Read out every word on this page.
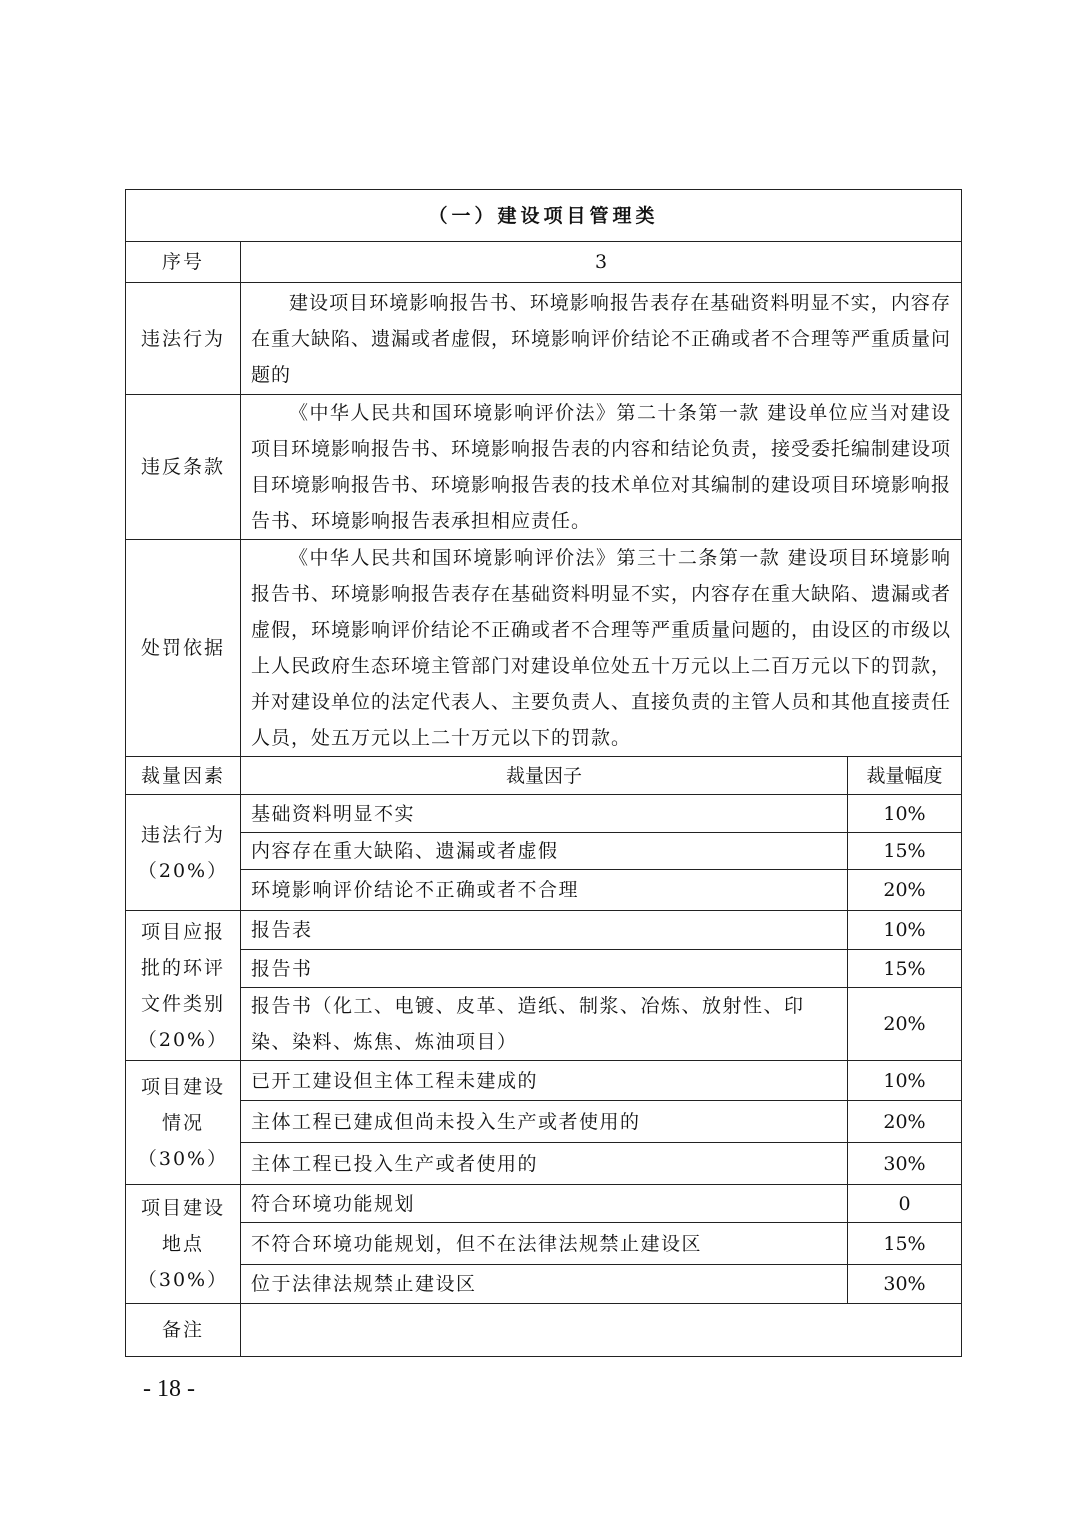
（一）建设项目管理类		
序号	3	
违法行为	建设项目环境影响报告书、环境影响报告表存在基础资料明显不实，内容存在重大缺陷、遗漏或者虚假，环境影响评价结论不正确或者不合理等严重质量问题的	

违反条款	《中华人民共和国环境影响评价法》第二十条第一款 建设单位应当对建设项目环境影响报告书、环境影响报告表的内容和结论负责，接受委托编制建设项目环境影响报告书、环境影响报告表的技术单位对其编制的建设项目环境影响报告书、环境影响报告表承担相应责任。	

处罚依据	《中华人民共和国环境影响评价法》第三十二条第一款 建设项目环境影响报告书、环境影响报告表存在基础资料明显不实，内容存在重大缺陷、遗漏或者虚假，环境影响评价结论不正确或者不合理等严重质量问题的，由设区的市级以上人民政府生态环境主管部门对建设单位处五十万元以上二百万元以下的罚款，并对建设单位的法定代表人、主要负责人、直接负责的主管人员和其他直接责任人员，处五万元以上二十万元以下的罚款。	

裁量因素	裁量因子	裁量幅度
违法行为（20%）	基础资料明显不实	10%
	内容存在重大缺陷、遗漏或者虚假	15%
	环境影响评价结论不正确或者不合理	20%
项目应报批的环评文件类别（20%）	报告表	10%
	报告书	15%
	报告书（化工、电镀、皮革、造纸、制浆、冶炼、放射性、印染、染料、炼焦、炼油项目）	20%
项目建设情况（30%）	已开工建设但主体工程未建成的	10%
	主体工程已建成但尚未投入生产或者使用的	20%
	主体工程已投入生产或者使用的	30%
项目建设地点（30%）	符合环境功能规划	0
	不符合环境功能规划，但不在法律法规禁止建设区	15%
	位于法律法规禁止建设区	30%
备注		
- 18 -
